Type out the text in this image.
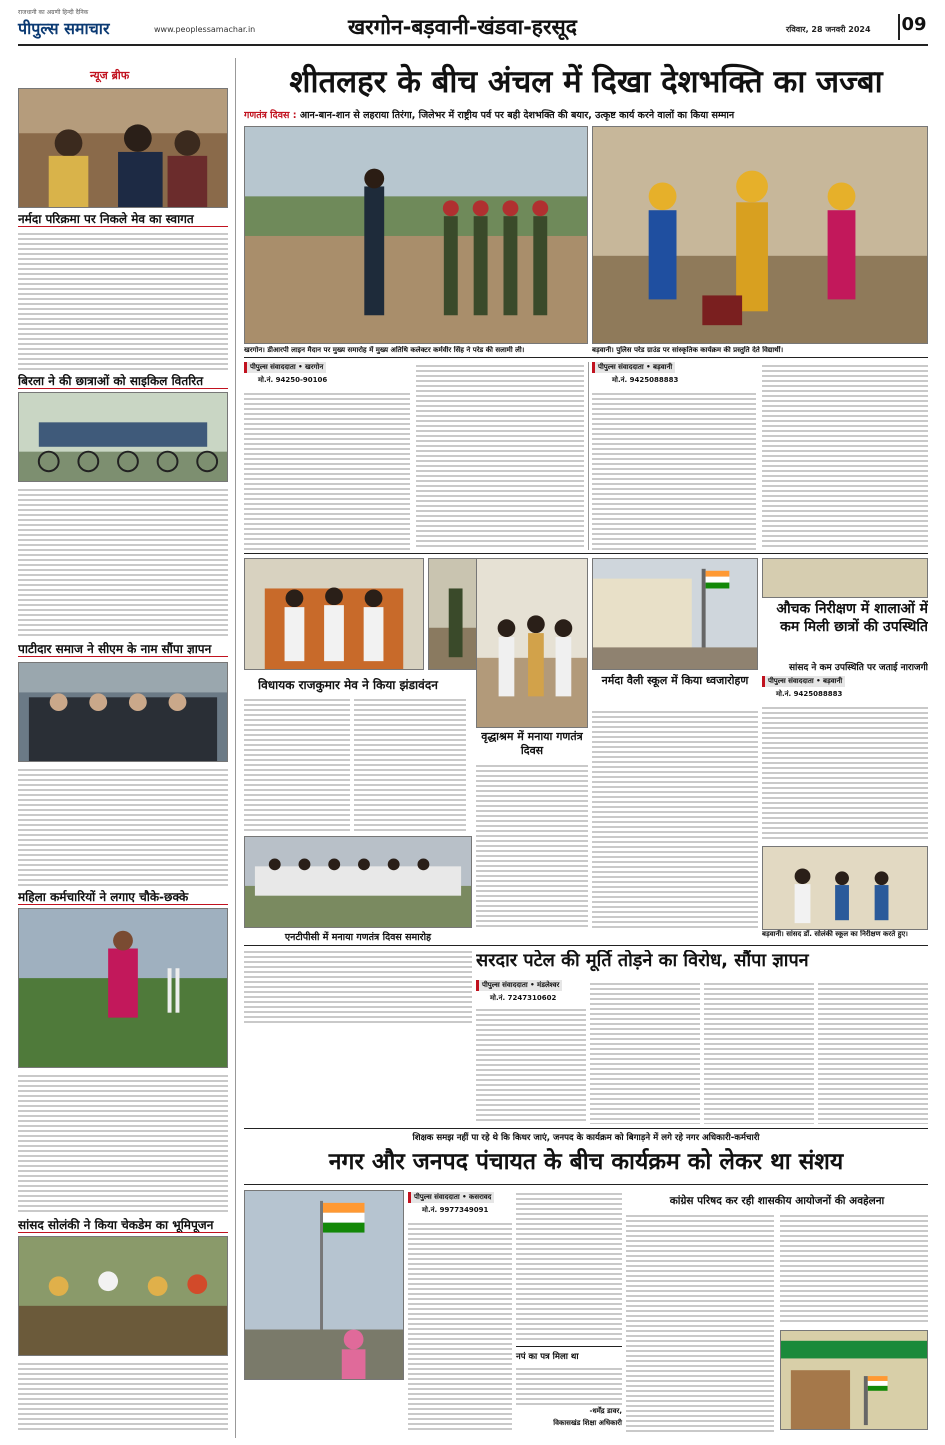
राजधानी का अग्रणी हिन्दी दैनिक
पीपुल्स समाचार	www.peoplessamachar.in	खरगोन-बड़वानी-खंडवा-हरसूद	रविवार, 28 जनवरी 2024 09
न्यूज ब्रीफ
नर्मदा परिक्रमा पर निकले मेव का स्वागत
बिरला ने की छात्राओं को साइकिल वितरित
पाटीदार समाज ने सीएम के नाम सौंपा ज्ञापन
महिला कर्मचारियों ने लगाए चौके-छक्के
सांसद सोलंकी ने किया चेकडेम का भूमिपूजन
शीतलहर के बीच अंचल में दिखा देशभक्ति का जज्बा
गणतंत्र दिवस : आन-बान-शान से लहराया तिरंगा, जिलेभर में राष्ट्रीय पर्व पर बही देशभक्ति की बयार, उत्कृष्ट कार्य करने वालों का किया सम्मान
खरगोन। डीआरपी लाइन मैदान पर मुख्य समारोह में मुख्य अतिथि कलेक्टर कर्मवीर सिंह ने परेड की सलामी ली।	बड़वानी। पुलिस परेड ग्राउंड पर सांस्कृतिक कार्यक्रम की प्रस्तुति देते विद्यार्थी।
पीपुल्स संवाददाता • खरगोन
मो.नं. 94250-90106
पीपुल्स संवाददाता • बड़वानी
मो.नं. 9425088883
विधायक राजकुमार मेव ने किया झंडावंदन
वृद्धाश्रम में मनाया गणतंत्र दिवस
नर्मदा वैली स्कूल में किया ध्वजारोहण
औचक निरीक्षण में शालाओं में कम मिली छात्रों की उपस्थिति
सांसद ने कम उपस्थिति पर जताई नाराजगी
पीपुल्स संवाददाता • बड़वानी
मो.नं. 9425088883
बड़वानी। सांसद डॉ. सोलंकी स्कूल का निरीक्षण करते हुए।
एनटीपीसी में मनाया गणतंत्र दिवस समारोह
सरदार पटेल की मूर्ति तोड़ने का विरोध, सौंपा ज्ञापन
पीपुल्स संवाददाता • मंडलेश्वर
मो.नं. 7247310602
शिक्षक समझ नहीं पा रहे थे कि किधर जाएं, जनपद के कार्यक्रम को बिगाड़ने में लगे रहे नगर अधिकारी-कर्मचारी
नगर और जनपद पंचायत के बीच कार्यक्रम को लेकर था संशय
पीपुल्स संवाददाता • कसरावद
मो.नं. 9977349091
नपं का पत्र मिला था
-धर्मेंद्र डावर,
विकासखंड शिक्षा अधिकारी
कांग्रेस परिषद कर रही शासकीय आयोजनों की अवहेलना
